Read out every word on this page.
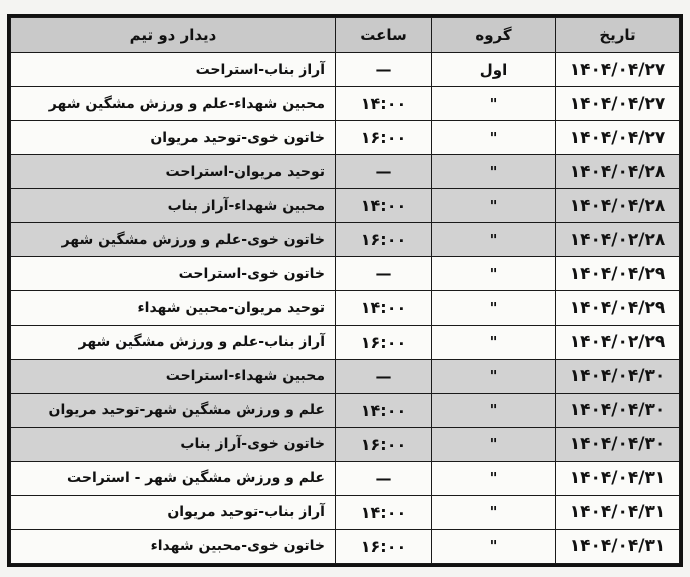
تاریخ	گروه	ساعت	دیدار دو تیم
۱۴۰۴/۰۴/۲۷	اول	—	آراز بناب-استراحت
۱۴۰۴/۰۴/۲۷	"	۱۴:۰۰	محبین شهداء-علم و ورزش مشگین شهر
۱۴۰۴/۰۴/۲۷	"	۱۶:۰۰	خاتون خوی-توحید مریوان
۱۴۰۴/۰۴/۲۸	"	—	توحید مریوان-استراحت
۱۴۰۴/۰۴/۲۸	"	۱۴:۰۰	محبین شهداء-آراز بناب
۱۴۰۴/۰۲/۲۸	"	۱۶:۰۰	خاتون خوی-علم و ورزش مشگین شهر
۱۴۰۴/۰۴/۲۹	"	—	خاتون خوی-استراحت
۱۴۰۴/۰۴/۲۹	"	۱۴:۰۰	توحید مریوان-محبین شهداء
۱۴۰۴/۰۲/۲۹	"	۱۶:۰۰	آراز بناب-علم و ورزش مشگین شهر
۱۴۰۴/۰۴/۳۰	"	—	محبین شهداء-استراحت
۱۴۰۴/۰۴/۳۰	"	۱۴:۰۰	علم و ورزش مشگین شهر-توحید مریوان
۱۴۰۴/۰۴/۳۰	"	۱۶:۰۰	خاتون خوی-آراز بناب
۱۴۰۴/۰۴/۳۱	"	—	علم و ورزش مشگین شهر - استراحت
۱۴۰۴/۰۴/۳۱	"	۱۴:۰۰	آراز بناب-توحید مریوان
۱۴۰۴/۰۴/۳۱	"	۱۶:۰۰	خاتون خوی-محبین شهداء
